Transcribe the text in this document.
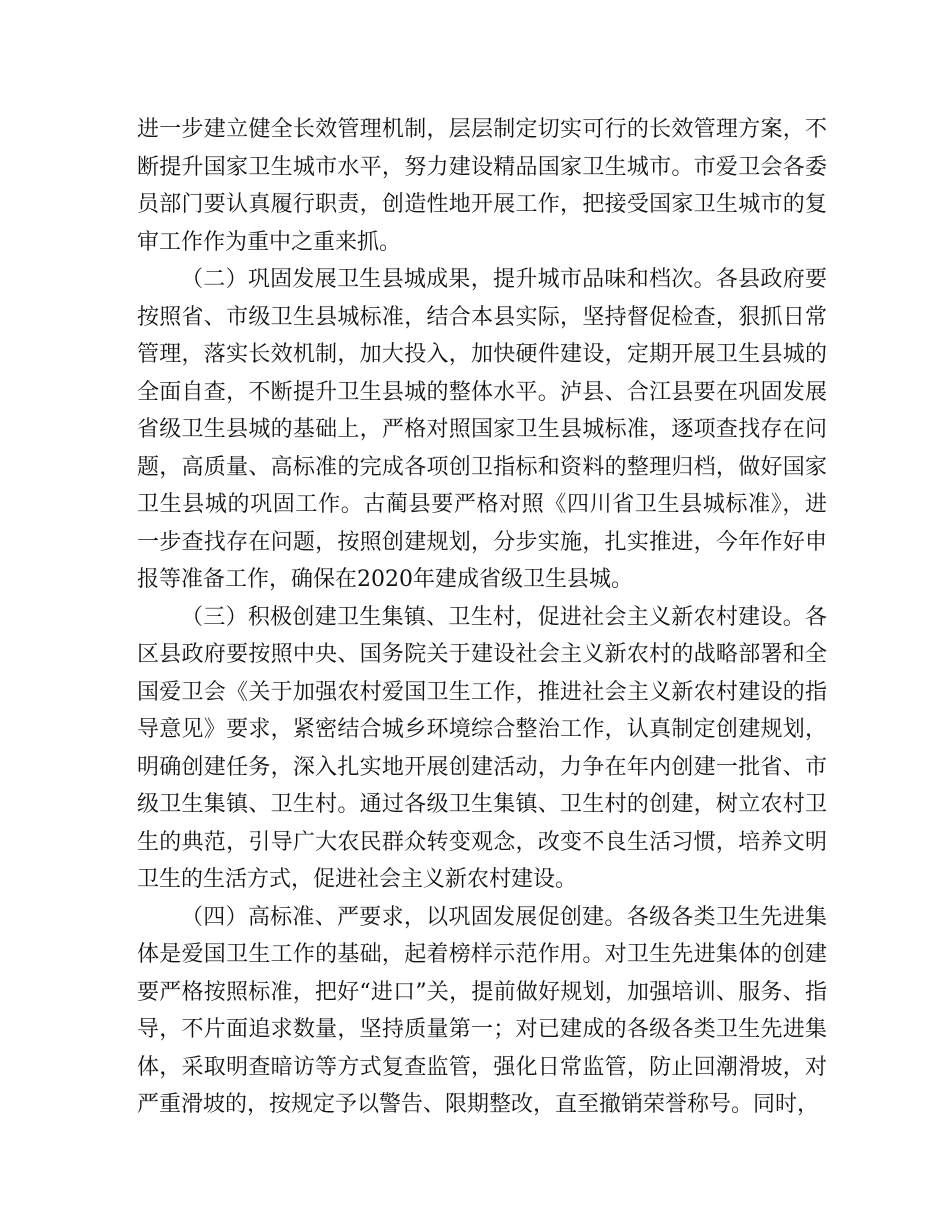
进一步建立健全长效管理机制，层层制定切实可行的长效管理方案，不断提升国家卫生城市水平，努力建设精品国家卫生城市。市爱卫会各委员部门要认真履行职责，创造性地开展工作，把接受国家卫生城市的复审工作作为重中之重来抓。

（二）巩固发展卫生县城成果，提升城市品味和档次。各县政府要按照省、市级卫生县城标准，结合本县实际，坚持督促检查，狠抓日常管理，落实长效机制，加大投入，加快硬件建设，定期开展卫生县城的全面自查，不断提升卫生县城的整体水平。泸县、合江县要在巩固发展省级卫生县城的基础上，严格对照国家卫生县城标准，逐项查找存在问题，高质量、高标准的完成各项创卫指标和资料的整理归档，做好国家卫生县城的巩固工作。古蔺县要严格对照《四川省卫生县城标准》，进一步查找存在问题，按照创建规划，分步实施，扎实推进，今年作好申报等准备工作，确保在2020年建成省级卫生县城。

（三）积极创建卫生集镇、卫生村，促进社会主义新农村建设。各区县政府要按照中央、国务院关于建设社会主义新农村的战略部署和全国爱卫会《关于加强农村爱国卫生工作，推进社会主义新农村建设的指导意见》要求，紧密结合城乡环境综合整治工作，认真制定创建规划，明确创建任务，深入扎实地开展创建活动，力争在年内创建一批省、市级卫生集镇、卫生村。通过各级卫生集镇、卫生村的创建，树立农村卫生的典范，引导广大农民群众转变观念，改变不良生活习惯，培养文明卫生的生活方式，促进社会主义新农村建设。

（四）高标准、严要求，以巩固发展促创建。各级各类卫生先进集体是爱国卫生工作的基础，起着榜样示范作用。对卫生先进集体的创建要严格按照标准，把好“进口”关，提前做好规划，加强培训、服务、指导，不片面追求数量，坚持质量第一；对已建成的各级各类卫生先进集体，采取明查暗访等方式复查监管，强化日常监管，防止回潮滑坡，对严重滑坡的，按规定予以警告、限期整改，直至撤销荣誉称号。同时，
